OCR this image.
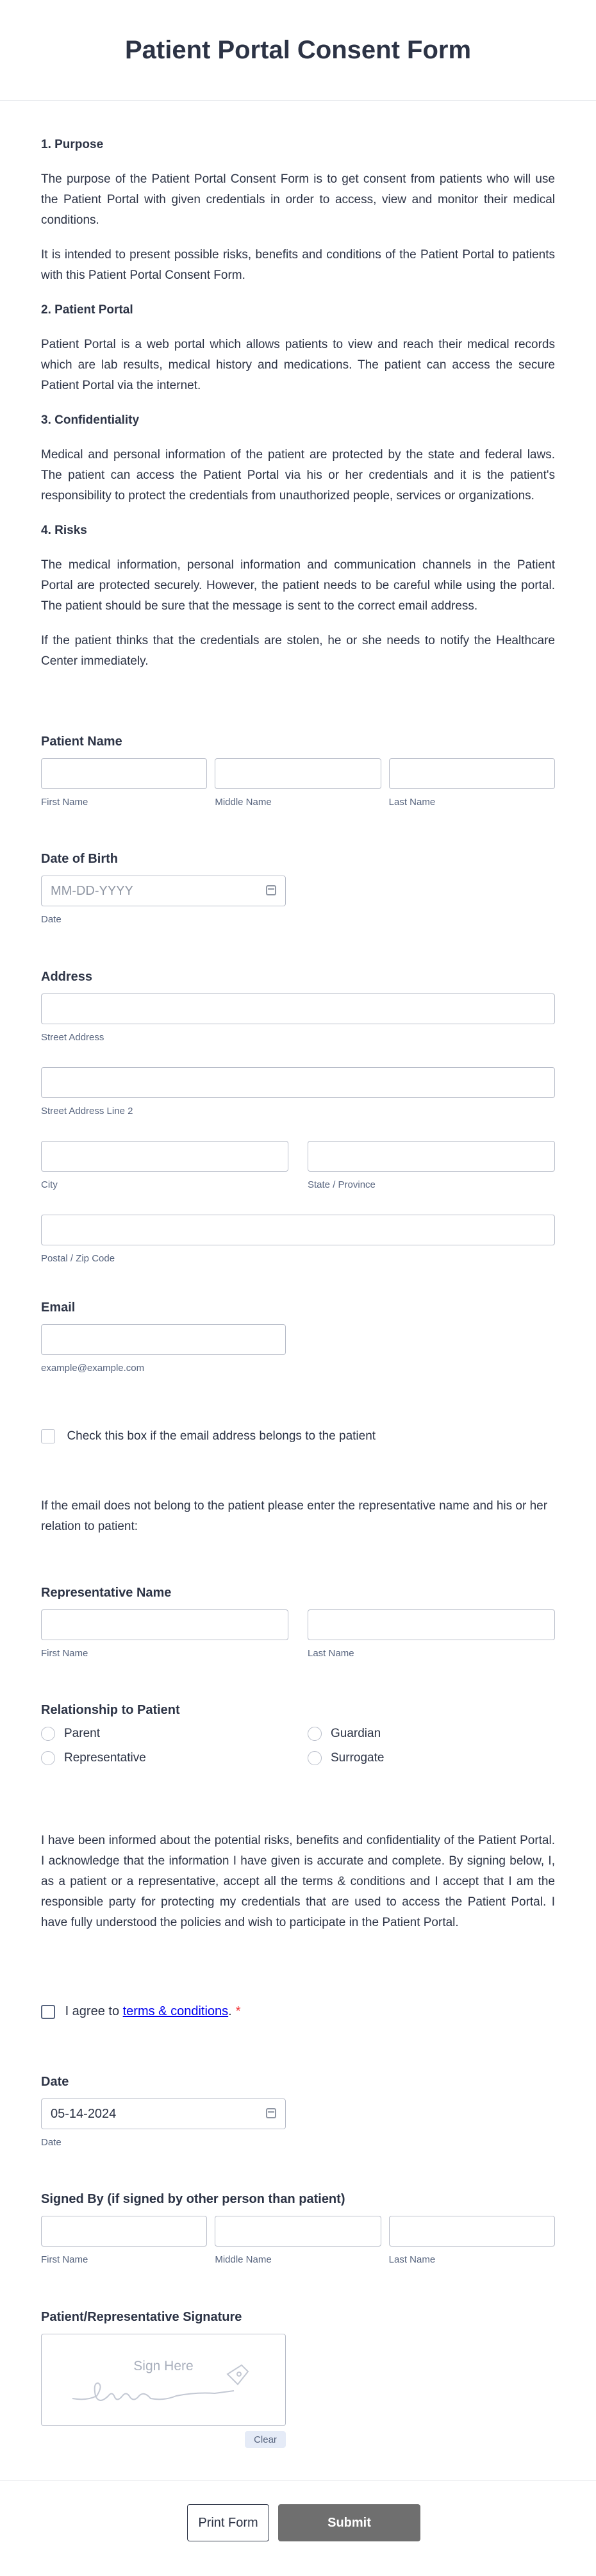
Patient Portal Consent Form
1. Purpose

The purpose of the Patient Portal Consent Form is to get consent from patients who will use the Patient Portal with given credentials in order to access, view and monitor their medical conditions.

It is intended to present possible risks, benefits and conditions of the Patient Portal to patients with this Patient Portal Consent Form.

2. Patient Portal

Patient Portal is a web portal which allows patients to view and reach their medical records which are lab results, medical history and medications. The patient can access the secure Patient Portal via the internet.

3. Confidentiality

Medical and personal information of the patient are protected by the state and federal laws. The patient can access the Patient Portal via his or her credentials and it is the patient's responsibility to protect the credentials from unauthorized people, services or organizations.

4. Risks

The medical information, personal information and communication channels in the Patient Portal are protected securely. However, the patient needs to be careful while using the portal. The patient should be sure that the message is sent to the correct email address.

If the patient thinks that the credentials are stolen, he or she needs to notify the Healthcare Center immediately.

Patient Name
First Name	Middle Name	Last Name
Date of Birth
MM-DD-YYYY
Date
Address
Street Address
Street Address Line 2
City	State / Province
Postal / Zip Code
Email
example@example.com
Check this box if the email address belongs to the patient
If the email does not belong to the patient please enter the representative name and his or her relation to patient:
Representative Name
First Name	Last Name
Relationship to Patient
Parent
Representative
Guardian
Surrogate
I have been informed about the potential risks, benefits and confidentiality of the Patient Portal. I acknowledge that the information I have given is accurate and complete. By signing below, I, as a patient or a representative, accept all the terms & conditions and I accept that I am the responsible party for protecting my credentials that are used to access the Patient Portal. I have fully understood the policies and wish to participate in the Patient Portal.
I agree to terms & conditions. *
Date
05-14-2024
Date
Signed By (if signed by other person than patient)
First Name	Middle Name	Last Name
Patient/Representative Signature
Sign Here
Clear
Print Form	Submit
